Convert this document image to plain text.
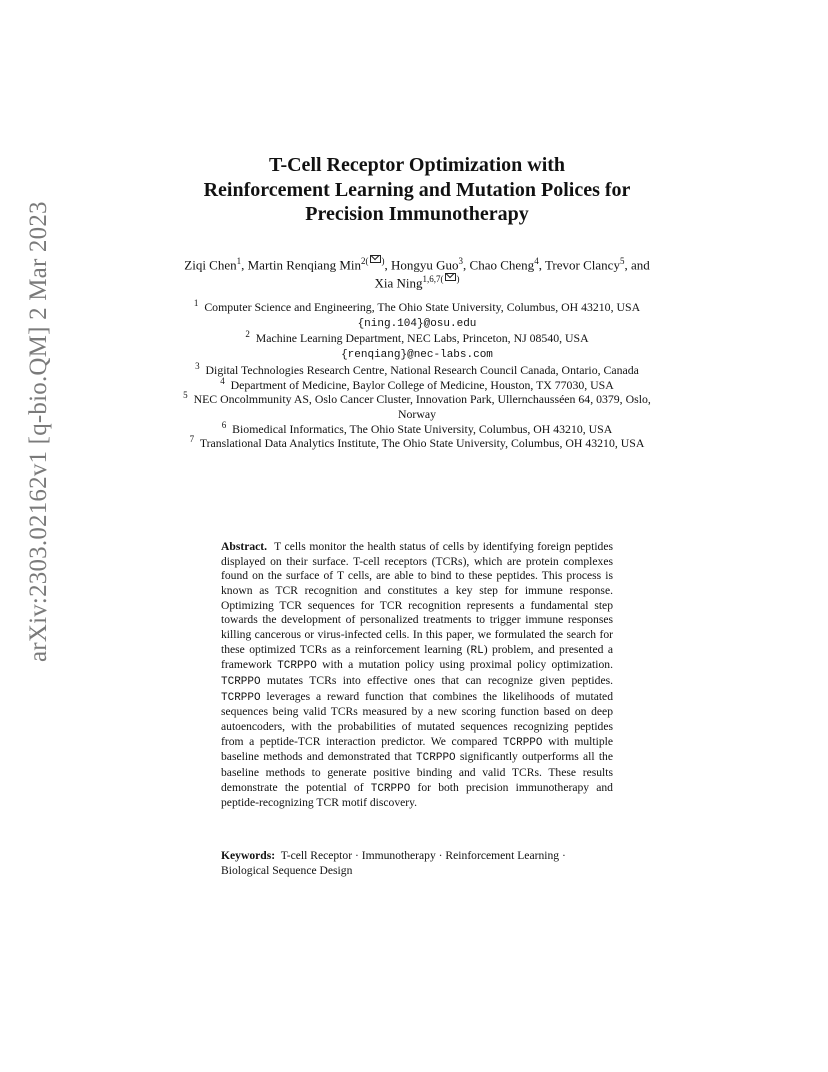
arXiv:2303.02162v1 [q-bio.QM] 2 Mar 2023
T-Cell Receptor Optimization with
Reinforcement Learning and Mutation Polices for
Precision Immunotherapy
Ziqi Chen$^1$, Martin Renqiang Min$^{2( )}$, Hongyu Guo$^3$, Chao Cheng$^4$, Trevor Clancy$^5$, and Xia Ning$^{1,6,7( )}$
$^1$ Computer Science and Engineering, The Ohio State University, Columbus, OH 43210, USA
{ning.104}@osu.edu
$^2$ Machine Learning Department, NEC Labs, Princeton, NJ 08540, USA
{renqiang}@nec-labs.com
$^3$ Digital Technologies Research Centre, National Research Council Canada, Ontario, Canada
$^4$ Department of Medicine, Baylor College of Medicine, Houston, TX 77030, USA
$^5$ NEC Oncolmmunity AS, Oslo Cancer Cluster, Innovation Park, Ullernchausséen 64, 0379, Oslo, Norway
$^6$ Biomedical Informatics, The Ohio State University, Columbus, OH 43210, USA
$^7$ Translational Data Analytics Institute, The Ohio State University, Columbus, OH 43210, USA

Abstract. T cells monitor the health status of cells by identifying foreign peptides displayed on their surface. T-cell receptors (TCRs), which are protein complexes found on the surface of T cells, are able to bind to these peptides. This process is known as TCR recognition and constitutes a key step for immune response. Optimizing TCR sequences for TCR recognition represents a fundamental step towards the development of personalized treatments to trigger immune responses killing cancerous or virus-infected cells. In this paper, we formulated the search for these optimized TCRs as a reinforcement learning (RL) problem, and presented a framework TCRPPO with a mutation policy using proximal policy optimization. TCRPPO mutates TCRs into effective ones that can recognize given peptides. TCRPPO leverages a reward function that combines the likelihoods of mutated sequences being valid TCRs measured by a new scoring function based on deep autoencoders, with the probabilities of mutated sequences recognizing peptides from a peptide-TCR interaction predictor. We compared TCRPPO with multiple baseline methods and demonstrated that TCRPPO significantly outperforms all the baseline methods to generate positive binding and valid TCRs. These results demonstrate the potential of TCRPPO for both precision immunotherapy and peptide-recognizing TCR motif discovery.

Keywords: T-cell Receptor · Immunotherapy · Reinforcement Learning · Biological Sequence Design
